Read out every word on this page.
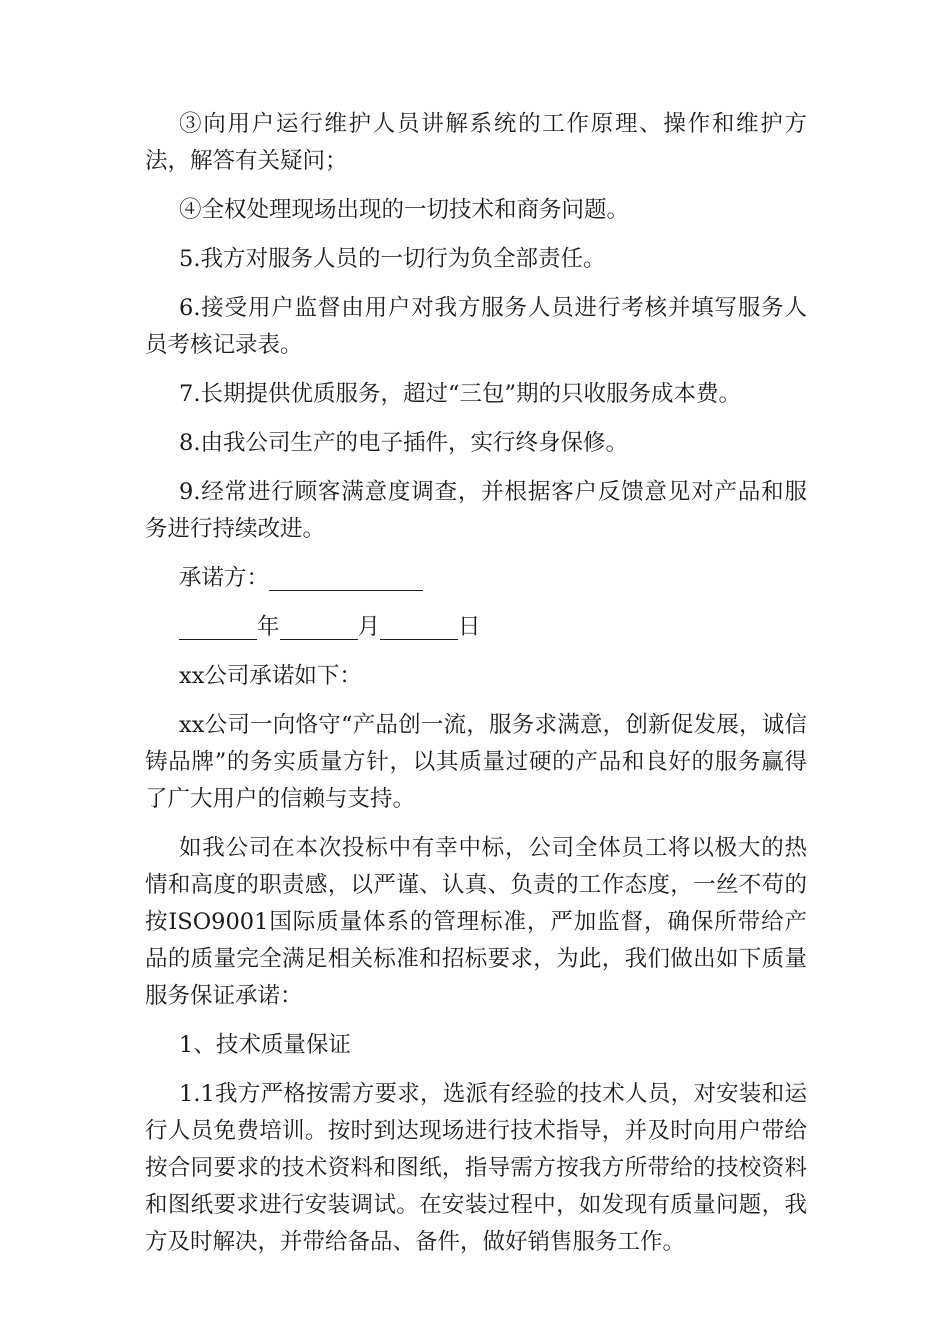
③向用户运行维护人员讲解系统的工作原理、操作和维护方法，解答有关疑问；

④全权处理现场出现的一切技术和商务问题。

5.我方对服务人员的一切行为负全部责任。

6.接受用户监督由用户对我方服务人员进行考核并填写服务人员考核记录表。

7.长期提供优质服务，超过“三包”期的只收服务成本费。

8.由我公司生产的电子插件，实行终身保修。

9.经常进行顾客满意度调查，并根据客户反馈意见对产品和服务进行持续改进。

承诺方：

年	月	日

xx公司承诺如下：

xx公司一向恪守“产品创一流，服务求满意，创新促发展，诚信铸品牌”的务实质量方针，以其质量过硬的产品和良好的服务赢得了广大用户的信赖与支持。

如我公司在本次投标中有幸中标，公司全体员工将以极大的热情和高度的职责感，以严谨、认真、负责的工作态度，一丝不苟的按ISO9001国际质量体系的管理标准，严加监督，确保所带给产品的质量完全满足相关标准和招标要求，为此，我们做出如下质量服务保证承诺：

1、技术质量保证

1.1我方严格按需方要求，选派有经验的技术人员，对安装和运行人员免费培训。按时到达现场进行技术指导，并及时向用户带给按合同要求的技术资料和图纸，指导需方按我方所带给的技校资料和图纸要求进行安装调试。在安装过程中，如发现有质量问题，我方及时解决，并带给备品、备件，做好销售服务工作。
